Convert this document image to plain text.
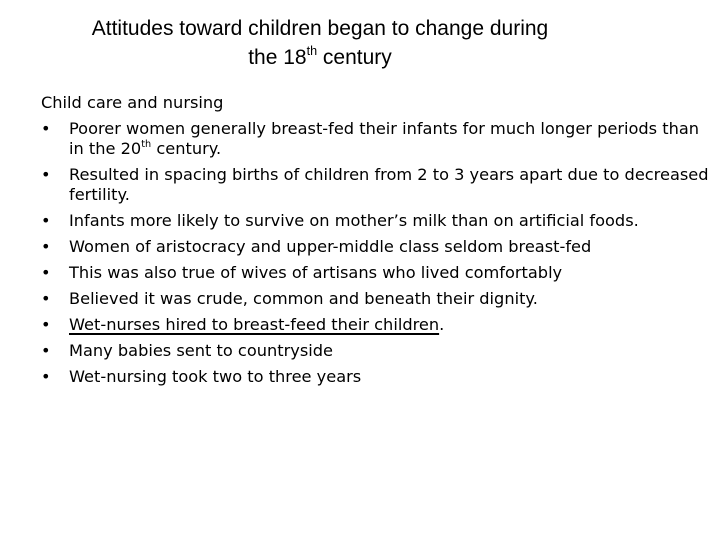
Attitudes toward children began to change during
the 18th century

Child care and nursing

•	Poorer women generally breast-fed their infants for much longer periods than in the 20th century.
•	Resulted in spacing births of children from 2 to 3 years apart due to decreased fertility.
•	Infants more likely to survive on mother’s milk than on artificial foods.
•	Women of aristocracy and upper-middle class seldom breast-fed
•	This was also true of wives of artisans who lived comfortably
•	Believed it was crude, common and beneath their dignity.
•	Wet-nurses hired to breast-feed their children.
•	Many babies sent to countryside
•	Wet-nursing took two to three years
